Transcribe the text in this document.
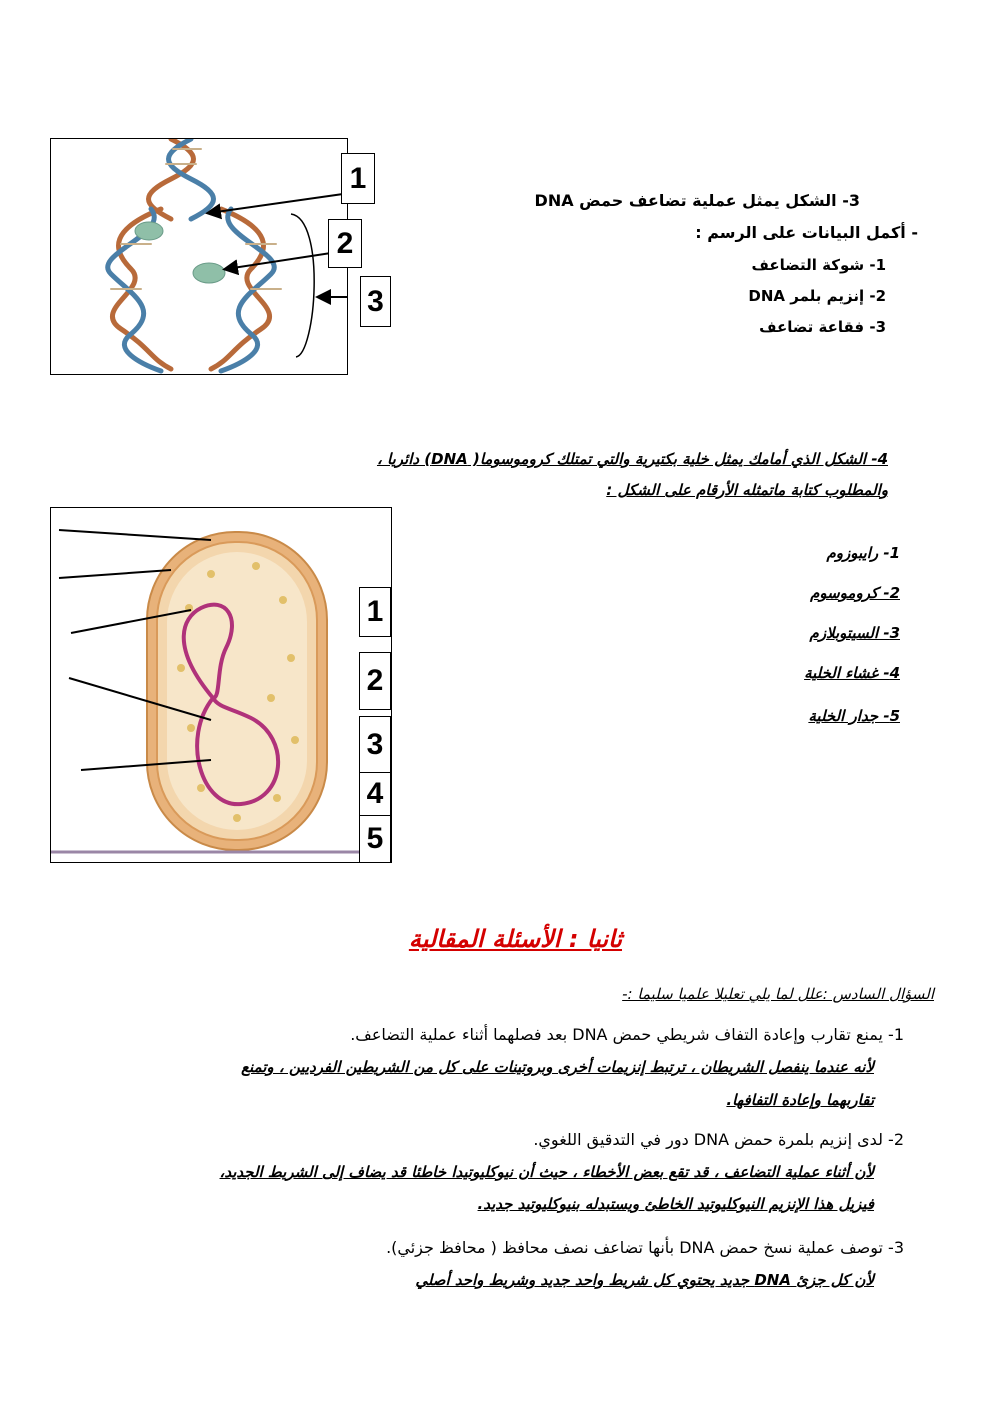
1
2
3
3- الشكل يمثل عملية تضاعف حمض DNA
- أكمل البيانات على الرسم :
1- شوكة التضاعف
2- إنزيم بلمر DNA
3- فقاعة تضاعف
4- الشكل الذي أمامك يمثل خلية بكتيرية والتي تمتلك كروموسوما( DNA) دائريا ،
والمطلوب كتابة ماتمثله الأرقام على الشكل :
1
2
3
4
5
1- رايبوزوم
2- كروموسوم
3- السيتوبلازم
4- غشاء الخلية
5- جدار الخلية
ثانيا : الأسئلة المقالية
السؤال السادس :علل لما يلي تعليلا علميا سليما :-
1- يمنع تقارب وإعادة التفاف شريطي حمض DNA بعد فصلهما أثناء عملية التضاعف.
لأنه عندما ينفصل الشريطان ، ترتبط إنزيمات أخرى وبروتينات على كل من الشريطين الفرديين ، وتمنع
تقاربهما وإعادة التفافها.
2- لدى إنزيم بلمرة حمض DNA دور في التدقيق اللغوي.
لأن أثناء عملية التضاعف ، قد تقع بعض الأخطاء ، حيث أن نيوكليوتيدا خاطئا قد يضاف إلى الشريط الجديد،
فيزيل هذا الإنزيم النيوكليوتيد الخاطئ ويستبدله بنيوكليوتيد جديد.
3- توصف عملية نسخ حمض DNA بأنها تضاعف نصف محافظ ( محافظ جزئي).
لأن كل جزئ DNA جديد يحتوي كل شريط واحد جديد وشريط واحد أصلي
